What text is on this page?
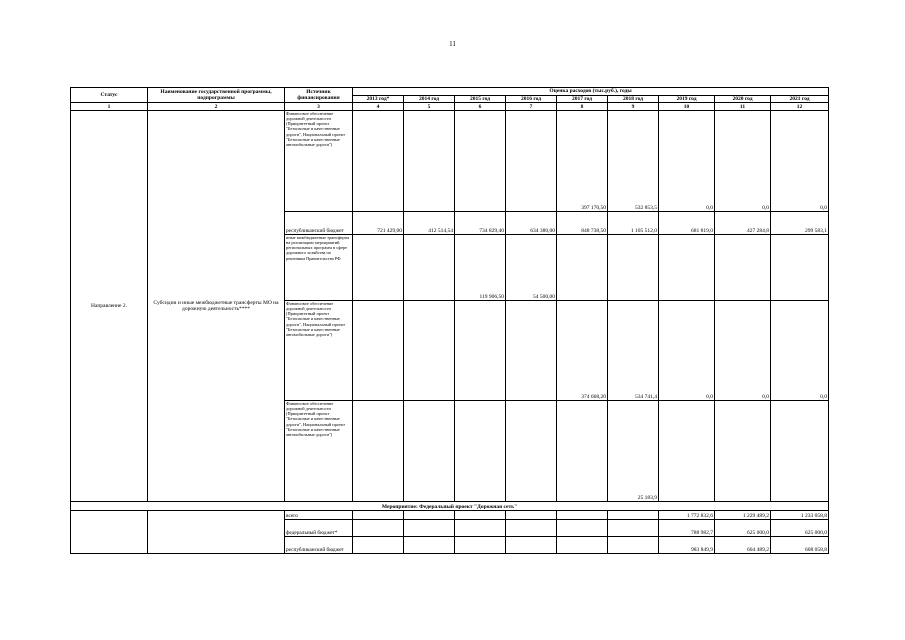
11
Статус	Наименование государственной программы, подпрограммы	Источник финансирования	Оценка расходов (тыс.руб.), годы								
			2013 год*	2014 год	2015 год	2016 год	2017 год	2018 год	2019 год	2020 год	2021 год
1	2	3	4	5	6	7	8	9	10	11	12
Направление 2.	Субсидии и иные межбюджетные трансферты МО на дорожную деятельность****	Финансовое обеспечение дорожной деятельности (Приоритетный проект "Безопасные и качественные дороги", Национальный проект "Безопасные и качественные автомобильные дороги")					397 170,50	532 853,5	0,0	0,0	0,0
		республиканский бюджет	721 429,00	412 514,54	734 829,40	634 380,00	848 738,50	1 105 512,0	681 819,0	427 284,8	299 583,1
		иные межбюджетные трансферты на реализацию мероприятий региональных программ в сфере дорожного хозяйства по решениям Правительства РФ			119 906,50	54 500,00					
		Финансовое обеспечение дорожной деятельности (Приоритетный проект "Безопасные и качественные дороги", Национальный проект "Безопасные и качественные автомобильные дороги")					374 668,20	534 741,4	0,0	0,0	0,0
		Финансовое обеспечение дорожной деятельности (Приоритетный проект "Безопасные и качественные дороги", Национальный проект "Безопасные и качественные автомобильные дороги")						25 183,9			
Мероприятие: Федеральный проект "Дорожная сеть"											
		всего							1 772 832,6	1 229 489,2	1 233 058,8
		федеральный бюджет*							788 982,7	625 000,0	625 000,0
		республиканский бюджет							983 849,9	604 489,2	608 058,8
